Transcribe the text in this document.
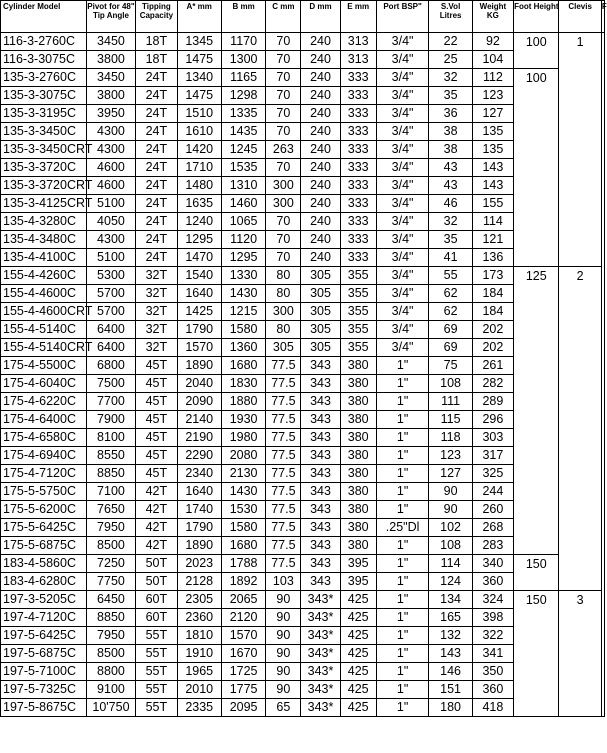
Cylinder Model	Pivot for 48" Tip Angle	Tipping Capacity	A* mm	B mm	C mm	D mm	E mm	Port BSP"	S.Vol Litres	Weight KG	Foot Height	Clevis	F
116-3-2760C	3450	18T	1345	1170	70	240	313	3/4"	22	92	100	1	
116-3-3075C	3800	18T	1475	1300	70	240	313	3/4"	25	104			
135-3-2760C	3450	24T	1340	1165	70	240	333	3/4"	32	112	100		
135-3-3075C	3800	24T	1475	1298	70	240	333	3/4"	35	123			
135-3-3195C	3950	24T	1510	1335	70	240	333	3/4"	36	127			
135-3-3450C	4300	24T	1610	1435	70	240	333	3/4"	38	135			
135-3-3450CRT	4300	24T	1420	1245	263	240	333	3/4"	38	135			
135-3-3720C	4600	24T	1710	1535	70	240	333	3/4"	43	143			
135-3-3720CRT	4600	24T	1480	1310	300	240	333	3/4"	43	143			
135-3-4125CRT	5100	24T	1635	1460	300	240	333	3/4"	46	155			
135-4-3280C	4050	24T	1240	1065	70	240	333	3/4"	32	114			
135-4-3480C	4300	24T	1295	1120	70	240	333	3/4"	35	121			
135-4-4100C	5100	24T	1470	1295	70	240	333	3/4"	41	136			
155-4-4260C	5300	32T	1540	1330	80	305	355	3/4"	55	173	125	2	
155-4-4600C	5700	32T	1640	1430	80	305	355	3/4"	62	184			
155-4-4600CRT	5700	32T	1425	1215	300	305	355	3/4"	62	184			
155-4-5140C	6400	32T	1790	1580	80	305	355	3/4"	69	202			
155-4-5140CRT	6400	32T	1570	1360	305	305	355	3/4"	69	202			
175-4-5500C	6800	45T	1890	1680	77.5	343	380	1"	75	261			
175-4-6040C	7500	45T	2040	1830	77.5	343	380	1"	108	282			
175-4-6220C	7700	45T	2090	1880	77.5	343	380	1"	111	289			
175-4-6400C	7900	45T	2140	1930	77.5	343	380	1"	115	296			
175-4-6580C	8100	45T	2190	1980	77.5	343	380	1"	118	303			
175-4-6940C	8550	45T	2290	2080	77.5	343	380	1"	123	317			
175-4-7120C	8850	45T	2340	2130	77.5	343	380	1"	127	325			
175-5-5750C	7100	42T	1640	1430	77.5	343	380	1"	90	244			
175-5-6200C	7650	42T	1740	1530	77.5	343	380	1"	90	260			
175-5-6425C	7950	42T	1790	1580	77.5	343	380	.25"Dl	102	268			
175-5-6875C	8500	42T	1890	1680	77.5	343	380	1"	108	283			
183-4-5860C	7250	50T	2023	1788	77.5	343	395	1"	114	340	150		
183-4-6280C	7750	50T	2128	1892	103	343	395	1"	124	360			
197-3-5205C	6450	60T	2305	2065	90	343*	425	1"	134	324	150	3	
197-4-7120C	8850	60T	2360	2120	90	343*	425	1"	165	398			
197-5-6425C	7950	55T	1810	1570	90	343*	425	1"	132	322			
197-5-6875C	8500	55T	1910	1670	90	343*	425	1"	143	341			
197-5-7100C	8800	55T	1965	1725	90	343*	425	1"	146	350			
197-5-7325C	9100	55T	2010	1775	90	343*	425	1"	151	360			
197-5-8675C	10'750	55T	2335	2095	65	343*	425	1"	180	418			
